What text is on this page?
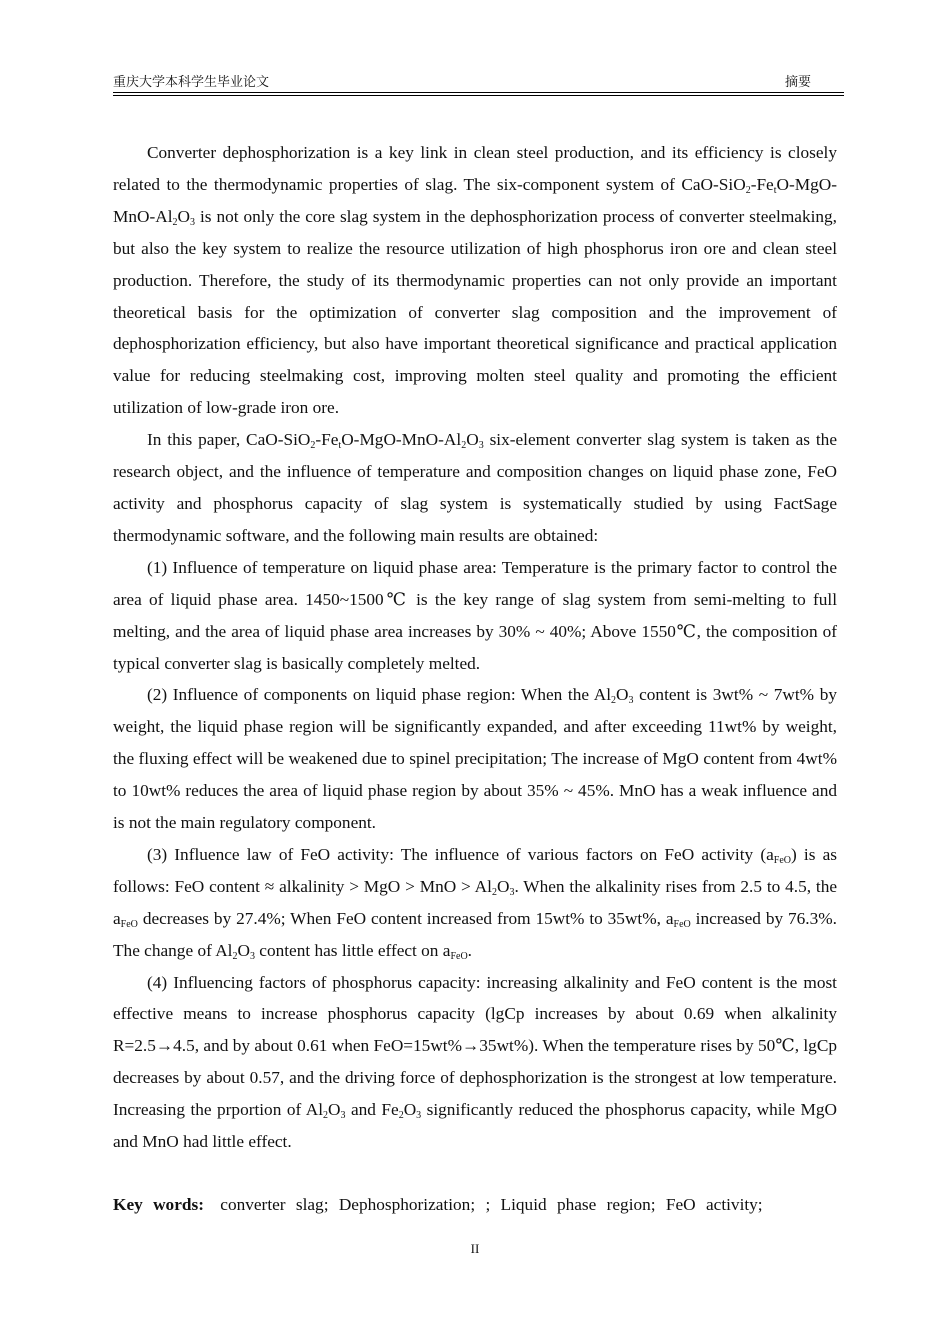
重庆大学本科学生毕业论文	摘要

Converter dephosphorization is a key link in clean steel production, and its efficiency is closely related to the thermodynamic properties of slag. The six-component system of CaO-$SiO_2-Fe_tO-MgO-MnO-Al_2O_3$ is not only the core slag system in the dephosphorization process of converter steelmaking, but also the key system to realize the resource utilization of high phosphorus iron ore and clean steel production. Therefore, the study of its thermodynamic properties can not only provide an important theoretical basis for the optimization of converter slag composition and the improvement of dephosphorization efficiency, but also have important theoretical significance and practical application value for reducing steelmaking cost, improving molten steel quality and promoting the efficient utilization of low-grade iron ore.

In this paper, CaO-$SiO_2-Fe_tO-MgO-MnO-Al_2O_3$ six-element converter slag system is taken as the research object, and the influence of temperature and composition changes on liquid phase zone, FeO activity and phosphorus capacity of slag system is systematically studied by using FactSage thermodynamic software, and the following main results are obtained:

(1) Influence of temperature on liquid phase area: Temperature is the primary factor to control the area of liquid phase area. 1450~1500℃ is the key range of slag system from semi-melting to full melting, and the area of liquid phase area increases by 30% ~ 40%; Above 1550℃, the composition of typical converter slag is basically completely melted.

(2) Influence of components on liquid phase region: When the $Al_2O_3$ content is 3wt% ~ 7wt% by weight, the liquid phase region will be significantly expanded, and after exceeding 11wt% by weight, the fluxing effect will be weakened due to spinel precipitation; The increase of MgO content from 4wt% to 10wt% reduces the area of liquid phase region by about 35% ~ 45%. MnO has a weak influence and is not the main regulatory component.

(3) Influence law of FeO activity: The influence of various factors on FeO activity $(a_{FeO})$ is as follows: FeO content ≈ alkalinity > MgO > MnO > $Al_2O_3$. When the alkalinity rises from 2.5 to 4.5, the $a_{FeO}$ decreases by 27.4%; When FeO content increased from 15wt% to 35wt%, $a_{FeO}$ increased by 76.3%. The change of $Al_2O_3$ content has little effect on $a_{FeO}$.

(4) Influencing factors of phosphorus capacity: increasing alkalinity and FeO content is the most effective means to increase phosphorus capacity (lgCp increases by about 0.69 when alkalinity R=2.5→4.5, and by about 0.61 when FeO=15wt%→35wt%). When the temperature rises by 50℃, lgCp decreases by about 0.57, and the driving force of dephosphorization is the strongest at low temperature. Increasing the prportion of $Al_2O_3$ and $Fe_2O_3$ significantly reduced the phosphorus capacity, while MgO and MnO had little effect.

Key words: converter slag; Dephosphorization; ; Liquid phase region; FeO activity;
II
